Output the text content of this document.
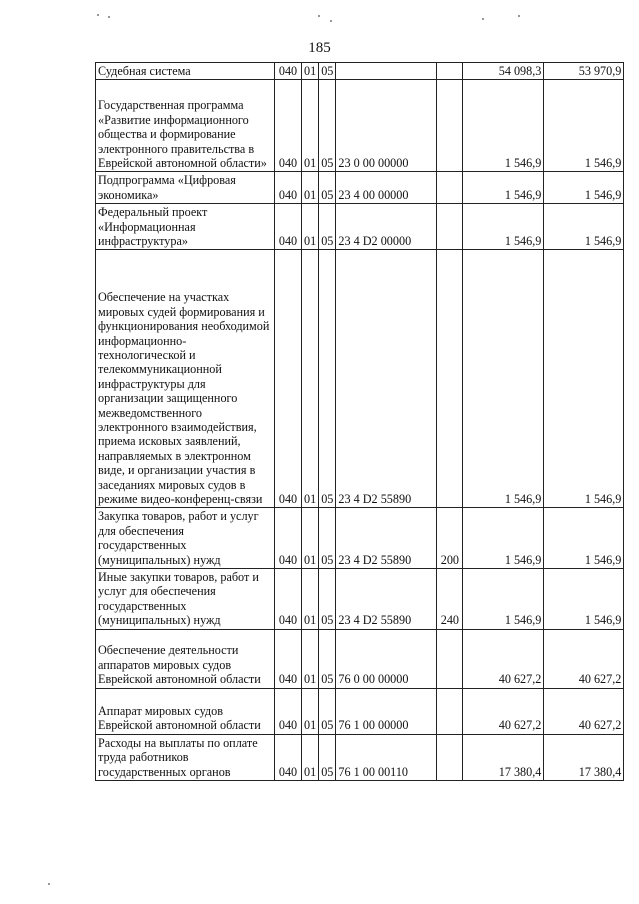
185
Судебная система	040	01	05			54 098,3	53 970,9
Государственная программа «Развитие информационного общества и формирование электронного правительства в Еврейской автономной области»	040	01	05	23 0 00 00000		1 546,9	1 546,9
Подпрограмма «Цифровая экономика»	040	01	05	23 4 00 00000		1 546,9	1 546,9
Федеральный проект «Информационная инфраструктура»	040	01	05	23 4 D2 00000		1 546,9	1 546,9
Обеспечение на участках мировых судей формирования и функционирования необходимой информационно-технологической и телекоммуникационной инфраструктуры для организации защищенного межведомственного электронного взаимодействия, приема исковых заявлений, направляемых в электронном виде, и организации участия в заседаниях мировых судов в режиме видео-конференц-связи	040	01	05	23 4 D2 55890		1 546,9	1 546,9
Закупка товаров, работ и услуг для обеспечения государственных (муниципальных) нужд	040	01	05	23 4 D2 55890	200	1 546,9	1 546,9
Иные закупки товаров, работ и услуг для обеспечения государственных (муниципальных) нужд	040	01	05	23 4 D2 55890	240	1 546,9	1 546,9
Обеспечение деятельности аппаратов мировых судов Еврейской автономной области	040	01	05	76 0 00 00000		40 627,2	40 627,2
Аппарат мировых судов Еврейской автономной области	040	01	05	76 1 00 00000		40 627,2	40 627,2
Расходы на выплаты по оплате труда работников государственных органов	040	01	05	76 1 00 00110		17 380,4	17 380,4
